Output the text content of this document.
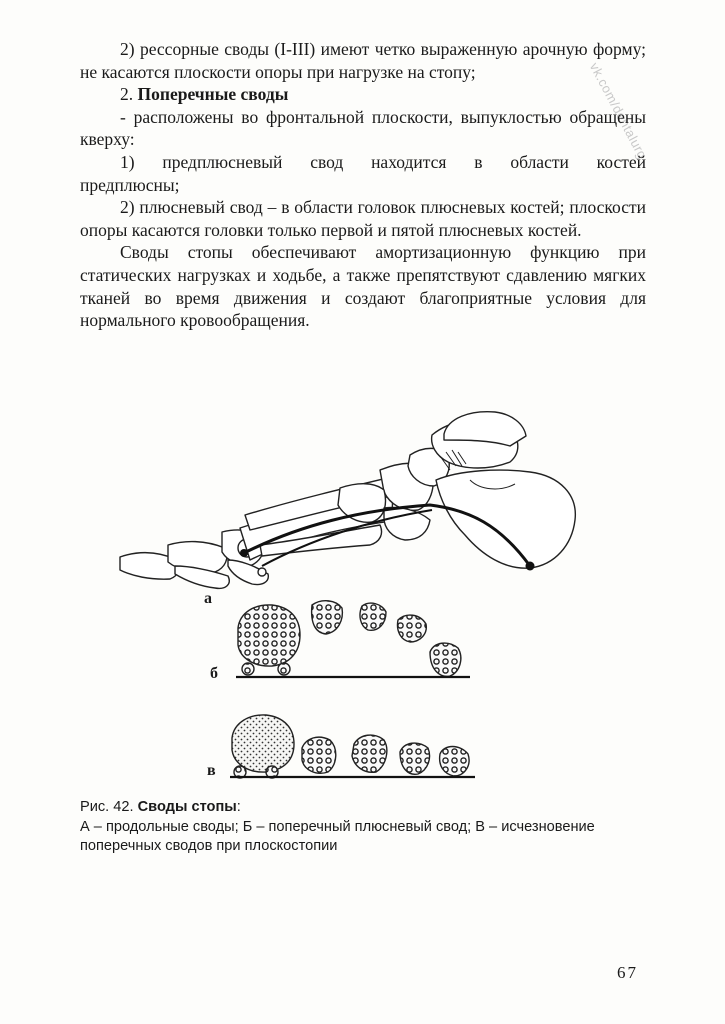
vk.com/dentalurg

2) рессорные своды (I-III) имеют четко выраженную арочную форму; не касаются плоскости опоры при нагрузке на стопу;

2. Поперечные своды

- расположены во фронтальной плоскости, выпуклостью обращены кверху:

1) предплюсневый свод находится в области костей предплюсны;

2) плюсневый свод – в области головок плюсневых костей; плоскости опоры касаются головки только первой и пятой плюсневых костей.

Своды стопы обеспечивают амортизационную функцию при статических нагрузках и ходьбе, а также препятствуют сдавлению мягких тканей во время движения и создают благоприятные условия для нормального кровообращения.

а
б
в

Рис. 42. Своды стопы:

А – продольные своды; Б – поперечный плюсневый свод; В – исчезновение поперечных сводов при плоскостопии

67
